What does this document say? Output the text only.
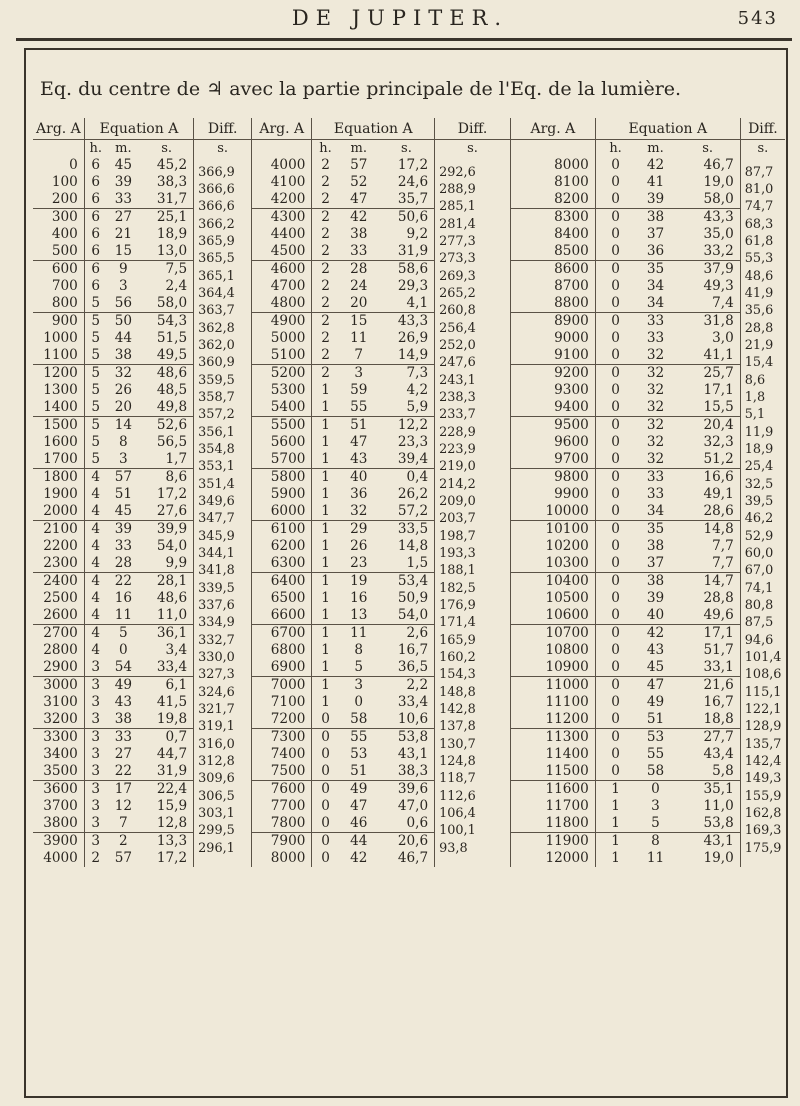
DE JUPITER.	543
Eq. du centre de ♃ avec la partie principale de l'Eq. de la lumière.
Arg. A	Equation A			Diff.	Arg. A	Equation A			Diff.	Arg. A	Equation A			Diff.
	h.	m.	s.	s.		h.	m.	s.	s.		h.	m.	s.	s.
0	6	45	45,2	366,9	4000	2	57	17,2	292,6	8000	0	42	46,7	87,7
100	6	39	38,3	366,6	4100	2	52	24,6	288,9	8100	0	41	19,0	81,0
200	6	33	31,7	366,6	4200	2	47	35,7	285,1	8200	0	39	58,0	74,7
300	6	27	25,1	366,2	4300	2	42	50,6	281,4	8300	0	38	43,3	68,3
400	6	21	18,9	365,9	4400	2	38	9,2	277,3	8400	0	37	35,0	61,8
500	6	15	13,0	365,5	4500	2	33	31,9	273,3	8500	0	36	33,2	55,3
600	6	9	7,5	365,1	4600	2	28	58,6	269,3	8600	0	35	37,9	48,6
700	6	3	2,4	364,4	4700	2	24	29,3	265,2	8700	0	34	49,3	41,9
800	5	56	58,0	363,7	4800	2	20	4,1	260,8	8800	0	34	7,4	35,6
900	5	50	54,3	362,8	4900	2	15	43,3	256,4	8900	0	33	31,8	28,8
1000	5	44	51,5	362,0	5000	2	11	26,9	252,0	9000	0	33	3,0	21,9
1100	5	38	49,5	360,9	5100	2	7	14,9	247,6	9100	0	32	41,1	15,4
1200	5	32	48,6	359,5	5200	2	3	7,3	243,1	9200	0	32	25,7	8,6
1300	5	26	48,5	358,7	5300	1	59	4,2	238,3	9300	0	32	17,1	1,8
1400	5	20	49,8	357,2	5400	1	55	5,9	233,7	9400	0	32	15,5	5,1
1500	5	14	52,6	356,1	5500	1	51	12,2	228,9	9500	0	32	20,4	11,9
1600	5	8	56,5	354,8	5600	1	47	23,3	223,9	9600	0	32	32,3	18,9
1700	5	3	1,7	353,1	5700	1	43	39,4	219,0	9700	0	32	51,2	25,4
1800	4	57	8,6	351,4	5800	1	40	0,4	214,2	9800	0	33	16,6	32,5
1900	4	51	17,2	349,6	5900	1	36	26,2	209,0	9900	0	33	49,1	39,5
2000	4	45	27,6	347,7	6000	1	32	57,2	203,7	10000	0	34	28,6	46,2
2100	4	39	39,9	345,9	6100	1	29	33,5	198,7	10100	0	35	14,8	52,9
2200	4	33	54,0	344,1	6200	1	26	14,8	193,3	10200	0	38	7,7	60,0
2300	4	28	9,9	341,8	6300	1	23	1,5	188,1	10300	0	37	7,7	67,0
2400	4	22	28,1	339,5	6400	1	19	53,4	182,5	10400	0	38	14,7	74,1
2500	4	16	48,6	337,6	6500	1	16	50,9	176,9	10500	0	39	28,8	80,8
2600	4	11	11,0	334,9	6600	1	13	54,0	171,4	10600	0	40	49,6	87,5
2700	4	5	36,1	332,7	6700	1	11	2,6	165,9	10700	0	42	17,1	94,6
2800	4	0	3,4	330,0	6800	1	8	16,7	160,2	10800	0	43	51,7	101,4
2900	3	54	33,4	327,3	6900	1	5	36,5	154,3	10900	0	45	33,1	108,6
3000	3	49	6,1	324,6	7000	1	3	2,2	148,8	11000	0	47	21,6	115,1
3100	3	43	41,5	321,7	7100	1	0	33,4	142,8	11100	0	49	16,7	122,1
3200	3	38	19,8	319,1	7200	0	58	10,6	137,8	11200	0	51	18,8	128,9
3300	3	33	0,7	316,0	7300	0	55	53,8	130,7	11300	0	53	27,7	135,7
3400	3	27	44,7	312,8	7400	0	53	43,1	124,8	11400	0	55	43,4	142,4
3500	3	22	31,9	309,6	7500	0	51	38,3	118,7	11500	0	58	5,8	149,3
3600	3	17	22,4	306,5	7600	0	49	39,6	112,6	11600	1	0	35,1	155,9
3700	3	12	15,9	303,1	7700	0	47	47,0	106,4	11700	1	3	11,0	162,8
3800	3	7	12,8	299,5	7800	0	46	0,6	100,1	11800	1	5	53,8	169,3
3900	3	2	13,3	296,1	7900	0	44	20,6	93,8	11900	1	8	43,1	175,9
4000	2	57	17,2		8000	0	42	46,7		12000	1	11	19,0	
